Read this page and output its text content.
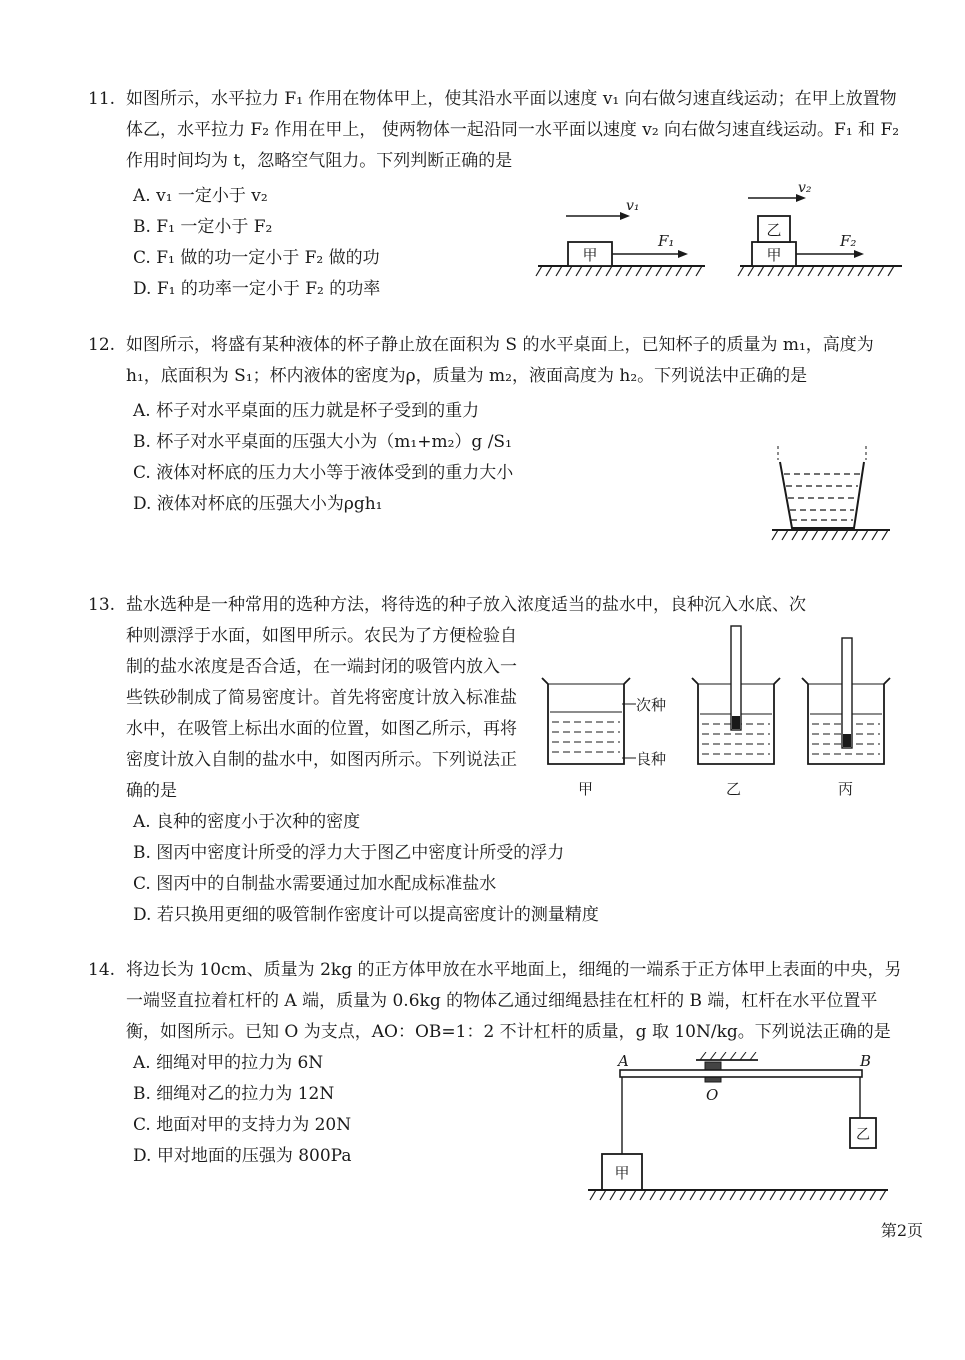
11. 如图所示，水平拉力 F₁ 作用在物体甲上，使其沿水平面以速度 v₁ 向右做匀速直线运动；在甲上放置物体乙，水平拉力 F₂ 作用在甲上， 使两物体一起沿同一水平面以速度 v₂ 向右做匀速直线运动。F₁ 和 F₂ 作用时间均为 t，忽略空气阻力。下列判断正确的是

A. v₁ 一定小于 v₂

B. F₁ 一定小于 F₂

C. F₁ 做的功一定小于 F₂ 做的功

D. F₁ 的功率一定小于 F₂ 的功率

甲
F₁
v₁
甲
乙
F₂
v₂

12. 如图所示，将盛有某种液体的杯子静止放在面积为 S 的水平桌面上，已知杯子的质量为 m₁，高度为 h₁，底面积为 S₁；杯内液体的密度为ρ，质量为 m₂，液面高度为 h₂。下列说法中正确的是

A. 杯子对水平桌面的压力就是杯子受到的重力

B. 杯子对水平桌面的压强大小为（m₁+m₂）g /S₁

C. 液体对杯底的压力大小等于液体受到的重力大小

D. 液体对杯底的压强大小为ρgh₁

13. 盐水选种是一种常用的选种方法，将待选的种子放入浓度适当的盐水中，良种沉入水底、次

种则漂浮于水面，如图甲所示。农民为了方便检验自制的盐水浓度是否合适，在一端封闭的吸管内放入一些铁砂制成了简易密度计。首先将密度计放入标准盐水中，在吸管上标出水面的位置，如图乙所示，再将密度计放入自制的盐水中，如图丙所示。下列说法正确的是

A. 良种的密度小于次种的密度

B. 图丙中密度计所受的浮力大于图乙中密度计所受的浮力

C. 图丙中的自制盐水需要通过加水配成标准盐水

D. 若只换用更细的吸管制作密度计可以提高密度计的测量精度

次种
良种
甲	乙	丙

14. 将边长为 10cm、质量为 2kg 的正方体甲放在水平地面上，细绳的一端系于正方体甲上表面的中央，另一端竖直拉着杠杆的 A 端，质量为 0.6kg 的物体乙通过细绳悬挂在杠杆的 B 端，杠杆在水平位置平衡，如图所示。已知 O 为支点，AO：OB=1：2 不计杠杆的质量，g 取 10N/kg。下列说法正确的是

A. 细绳对甲的拉力为 6N

B. 细绳对乙的拉力为 12N

C. 地面对甲的支持力为 20N

D. 甲对地面的压强为 800Pa

A	B
O
甲
乙
第2页
